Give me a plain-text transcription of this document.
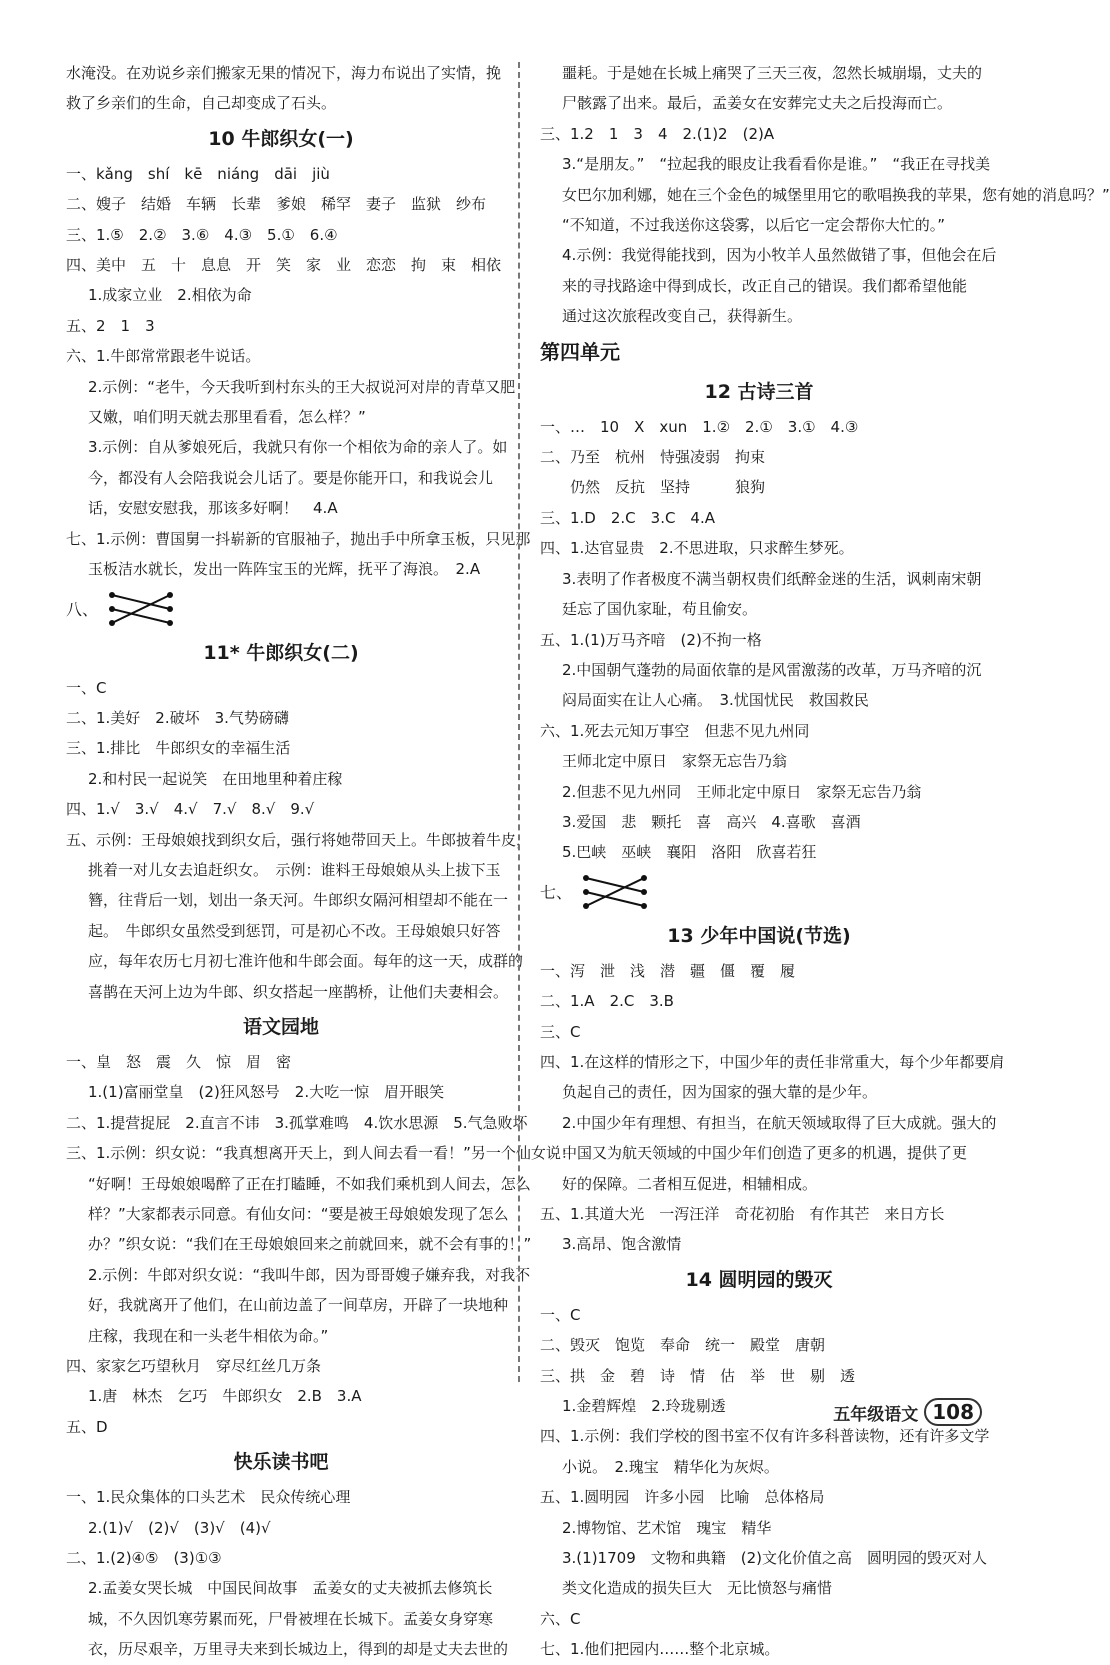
水淹没。在劝说乡亲们搬家无果的情况下，海力布说出了实情，挽
救了乡亲们的生命，自己却变成了石头。
10 牛郎织女(一)
一、kǎng　shí　kē　niáng　dāi　jiù
二、嫂子　结婚　车辆　长辈　爹娘　稀罕　妻子　监狱　纱布
三、1.⑤　2.②　3.⑥　4.③　5.①　6.④
四、美中　五　十　息息　开　笑　家　业　恋恋　拘　束　相依
1.成家立业　2.相依为命
五、2　1　3
六、1.牛郎常常跟老牛说话。
2.示例：“老牛，今天我听到村东头的王大叔说河对岸的青草又肥
又嫩，咱们明天就去那里看看，怎么样？”
3.示例：自从爹娘死后，我就只有你一个相依为命的亲人了。如
今，都没有人会陪我说会儿话了。要是你能开口，和我说会儿
话，安慰安慰我，那该多好啊！　4.A
七、1.示例：曹国舅一抖崭新的官服袖子，抛出手中所拿玉板，只见那
玉板洁水就长，发出一阵阵宝玉的光辉，抚平了海浪。　2.A
八、
11* 牛郎织女(二)
一、C
二、1.美好　2.破坏　3.气势磅礴
三、1.排比　牛郎织女的幸福生活
2.和村民一起说笑　在田地里种着庄稼
四、1.√　3.√　4.√　7.√　8.√　9.√
五、示例：王母娘娘找到织女后，强行将她带回天上。牛郎披着牛皮，
挑着一对儿女去追赶织女。　示例：谁料王母娘娘从头上拔下玉
簪，往背后一划，划出一条天河。牛郎织女隔河相望却不能在一
起。　牛郎织女虽然受到惩罚，可是初心不改。王母娘娘只好答
应，每年农历七月初七准许他和牛郎会面。每年的这一天，成群的
喜鹊在天河上边为牛郎、织女搭起一座鹊桥，让他们夫妻相会。
语文园地
一、皇　怒　震　久　惊　眉　密
1.(1)富丽堂皇　(2)狂风怒号　2.大吃一惊　眉开眼笑
二、1.提营捉屁　2.直言不讳　3.孤掌难鸣　4.饮水思源　5.气急败坏
三、1.示例：织女说：“我真想离开天上，到人间去看一看！”另一个仙女说：
“好啊！王母娘娘喝醉了正在打瞌睡，不如我们乘机到人间去，怎么
样？”大家都表示同意。有仙女问：“要是被王母娘娘发现了怎么
办？”织女说：“我们在王母娘娘回来之前就回来，就不会有事的！”
2.示例：牛郎对织女说：“我叫牛郎，因为哥哥嫂子嫌弃我，对我不
好，我就离开了他们，在山前边盖了一间草房，开辟了一块地种
庄稼，我现在和一头老牛相依为命。”
四、家家乞巧望秋月　穿尽红丝几万条
1.唐　林杰　乞巧　牛郎织女　2.B　3.A
五、D
快乐读书吧
一、1.民众集体的口头艺术　民众传统心理
2.(1)√　(2)√　(3)√　(4)√
二、1.(2)④⑤　(3)①③
2.孟姜女哭长城　中国民间故事　孟姜女的丈夫被抓去修筑长
城，不久因饥寒劳累而死，尸骨被埋在长城下。孟姜女身穿寒
衣，历尽艰辛，万里寻夫来到长城边上，得到的却是丈夫去世的
噩耗。于是她在长城上痛哭了三天三夜，忽然长城崩塌，丈夫的
尸骸露了出来。最后，孟姜女在安葬完丈夫之后投海而亡。
三、1.2　1　3　4　2.(1)2　(2)A
3.“是朋友。”　“拉起我的眼皮让我看看你是谁。”　“我正在寻找美
女巴尔加利娜，她在三个金色的城堡里用它的歌唱换我的苹果，您有她的消息吗？”
“不知道，不过我送你这袋雾，以后它一定会帮你大忙的。”
4.示例：我觉得能找到，因为小牧羊人虽然做错了事，但他会在后
来的寻找路途中得到成长，改正自己的错误。我们都希望他能
通过这次旅程改变自己，获得新生。
第四单元
12 古诗三首
一、…　10　X　xun　1.②　2.①　3.①　4.③
二、乃至　杭州　恃强凌弱　拘束
　　仍然　反抗　坚持　　　狼狗
三、1.D　2.C　3.C　4.A
四、1.达官显贵　2.不思进取，只求醉生梦死。
3.表明了作者极度不满当朝权贵们纸醉金迷的生活，讽刺南宋朝
廷忘了国仇家耻，苟且偷安。
五、1.(1)万马齐喑　(2)不拘一格
2.中国朝气蓬勃的局面依靠的是风雷激荡的改革，万马齐喑的沉
闷局面实在让人心痛。　3.忧国忧民　救国救民
六、1.死去元知万事空　但悲不见九州同
王师北定中原日　家祭无忘告乃翁
2.但悲不见九州同　王师北定中原日　家祭无忘告乃翁
3.爱国　悲　颗托　喜　高兴　4.喜歌　喜酒
5.巴峡　巫峡　襄阳　洛阳　欣喜若狂
七、
13 少年中国说(节选)
一、泻　泄　浅　潜　疆　僵　覆　履
二、1.A　2.C　3.B
三、C
四、1.在这样的情形之下，中国少年的责任非常重大，每个少年都要肩
负起自己的责任，因为国家的强大靠的是少年。
2.中国少年有理想、有担当，在航天领域取得了巨大成就。强大的
中国又为航天领域的中国少年们创造了更多的机遇，提供了更
好的保障。二者相互促进，相辅相成。
五、1.其道大光　一泻汪洋　奇花初胎　有作其芒　来日方长
3.高昂、饱含激情
14 圆明园的毁灭
一、C
二、毁灭　饱览　奉命　统一　殿堂　唐朝
三、拱　金　碧　诗　情　估　举　世　剔　透
1.金碧辉煌　2.玲珑剔透
四、1.示例：我们学校的图书室不仅有许多科普读物，还有许多文学
小说。　2.瑰宝　精华化为灰烬。
五、1.圆明园　许多小园　比喻　总体格局
2.博物馆、艺术馆　瑰宝　精华
3.(1)1709　文物和典籍　(2)文化价值之高　圆明园的毁灭对人
类文化造成的损失巨大　无比愤怒与痛惜
六、C
七、1.他们把园内……整个北京城。
五年级语文 108
